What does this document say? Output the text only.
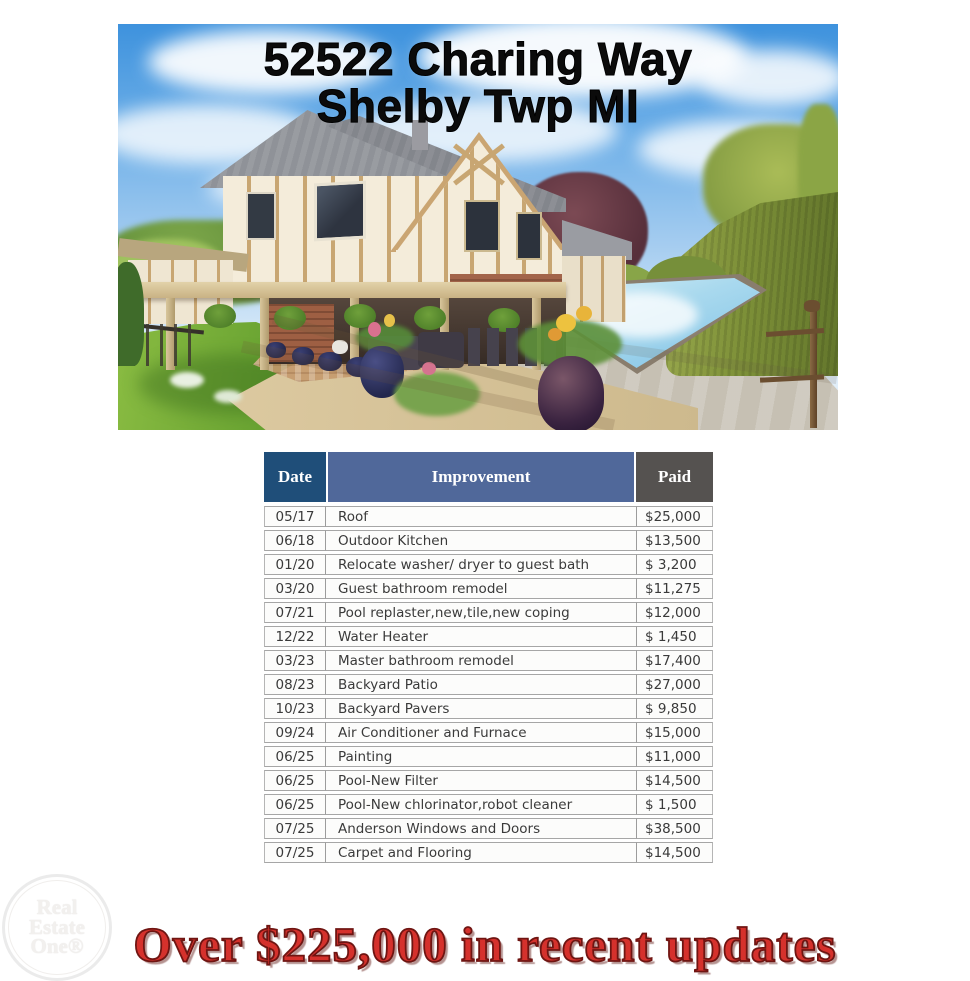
52522 Charing Way
Shelby Twp MI
Date	Improvement	Paid
05/17	Roof	$25,000
06/18	Outdoor Kitchen	$13,500
01/20	Relocate washer/ dryer to guest bath	$ 3,200
03/20	Guest bathroom remodel	$11,275
07/21	Pool replaster,new,tile,new coping	$12,000
12/22	Water Heater	$ 1,450
03/23	Master bathroom remodel	$17,400
08/23	Backyard Patio	$27,000
10/23	Backyard Pavers	$ 9,850
09/24	Air Conditioner and Furnace	$15,000
06/25	Painting	$11,000
06/25	Pool-New Filter	$14,500
06/25	Pool-New chlorinator,robot cleaner	$ 1,500
07/25	Anderson Windows and Doors	$38,500
07/25	Carpet and Flooring	$14,500
Over $225,000 in recent updates
Real
Estate
One®
